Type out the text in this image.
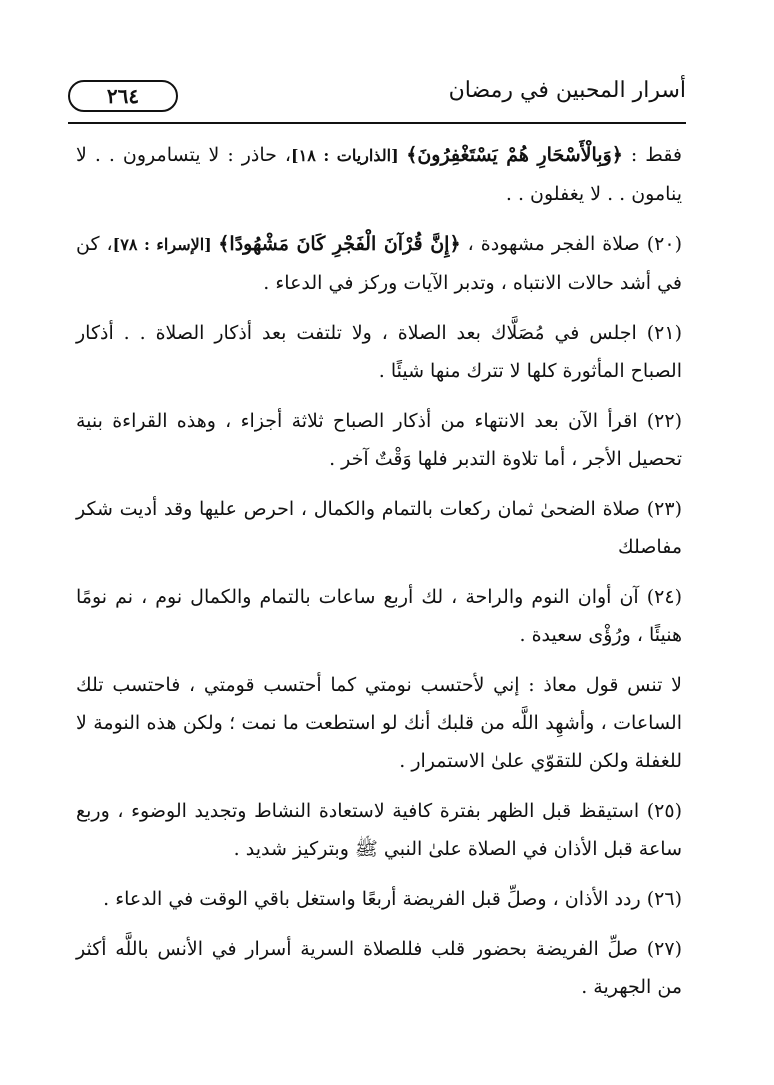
٢٦٤	أسرار المحبين في رمضان

فقط : ﴿وَبِالْأَسْحَارِ هُمْ يَسْتَغْفِرُونَ﴾ [الذاريات : ١٨]، حاذر : لا يتسامرون . . لا ينامون . . لا يغفلون . .

(٢٠) صلاة الفجر مشهودة ، ﴿إِنَّ قُرْآنَ الْفَجْرِ كَانَ مَشْهُودًا﴾ [الإسراء : ٧٨]، كن في أشد حالات الانتباه ، وتدبر الآيات وركز في الدعاء .

(٢١) اجلس في مُصَلَّاك بعد الصلاة ، ولا تلتفت بعد أذكار الصلاة . . أذكار الصباح المأثورة كلها لا تترك منها شيئًا .

(٢٢) اقرأ الآن بعد الانتهاء من أذكار الصباح ثلاثة أجزاء ، وهذه القراءة بنية تحصيل الأجر ، أما تلاوة التدبر فلها وَقْتٌ آخر .

(٢٣) صلاة الضحىٰ ثمان ركعات بالتمام والكمال ، احرص عليها وقد أديت شكر مفاصلك

(٢٤) آن أوان النوم والراحة ، لك أربع ساعات بالتمام والكمال نوم ، نم نومًا هنيئًا ، ورُؤْى سعيدة .

لا تنس قول معاذ : إني لأحتسب نومتي كما أحتسب قومتي ، فاحتسب تلك الساعات ، وأشهِد اللَّه من قلبك أنك لو استطعت ما نمت ؛ ولكن هذه النومة لا للغفلة ولكن للتقوّي علىٰ الاستمرار .

(٢٥) استيقظ قبل الظهر بفترة كافية لاستعادة النشاط وتجديد الوضوء ، وربع ساعة قبل الأذان في الصلاة علىٰ النبي ﷺ وبتركيز شديد .

(٢٦) ردد الأذان ، وصلِّ قبل الفريضة أربعًا واستغل باقي الوقت في الدعاء .

(٢٧) صلِّ الفريضة بحضور قلب فللصلاة السرية أسرار في الأنس باللَّه أكثر من الجهرية .
